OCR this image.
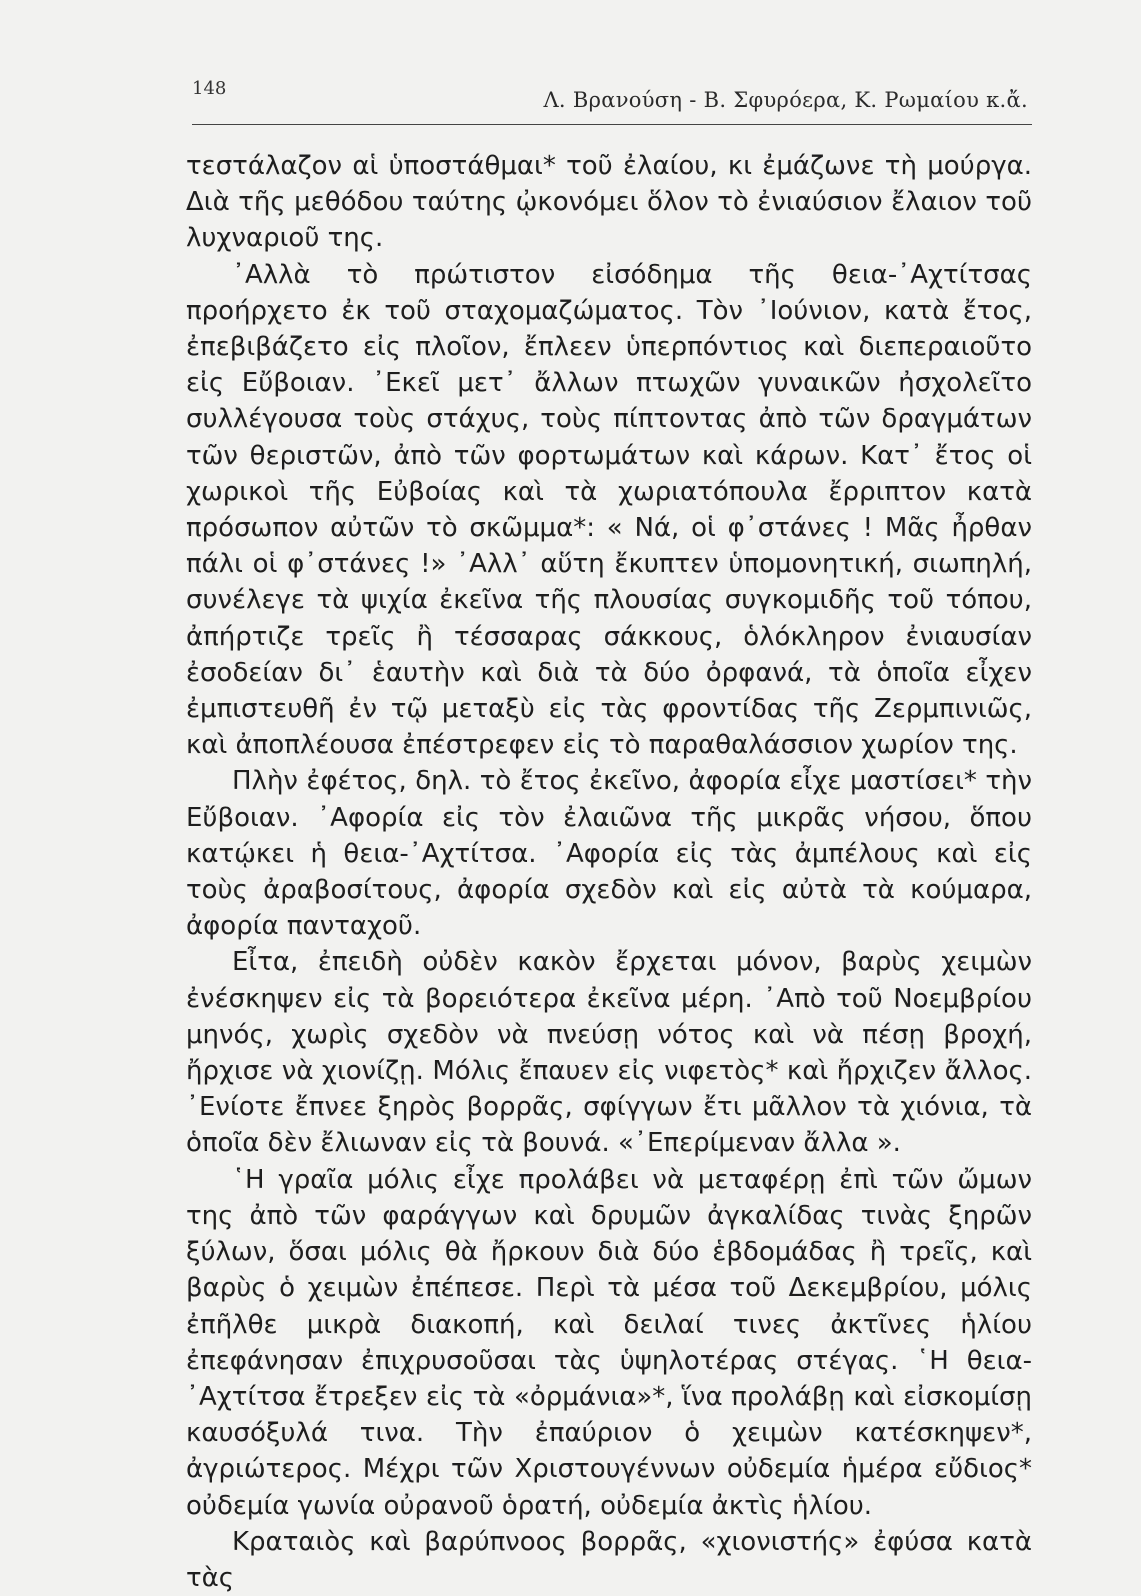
148	Λ. Βρανούση - Β. Σφυρόερα, Κ. Ρωμαίου κ.ἄ.

τεστάλαζον αἱ ὑποστάθμαι* τοῦ ἐλαίου, κι ἐμάζωνε τὴ μούργα. Διὰ τῆς μεθόδου ταύτης ᾠκονόμει ὅλον τὸ ἐνιαύσιον ἔλαιον τοῦ λυχναριοῦ της.

᾿Αλλὰ τὸ πρώτιστον εἰσόδημα τῆς θεια-᾿Αχτίτσας προήρχετο ἐκ τοῦ σταχομαζώματος. Τὸν ᾿Ιούνιον, κατὰ ἔτος, ἐπεβιβάζετο εἰς πλοῖον, ἔπλεεν ὑπερπόντιος καὶ διεπεραιοῦτο εἰς Εὔβοιαν. ᾿Εκεῖ μετ᾿ ἄλλων πτωχῶν γυναικῶν ἠσχολεῖτο συλλέγουσα τοὺς στάχυς, τοὺς πίπτοντας ἀπὸ τῶν δραγμάτων τῶν θεριστῶν, ἀπὸ τῶν φορτωμάτων καὶ κάρων. Κατ᾿ ἔτος οἱ χωρικοὶ τῆς Εὐβοίας καὶ τὰ χωριατόπουλα ἔρριπτον κατὰ πρόσωπον αὐτῶν τὸ σκῶμμα*: « Νά, οἱ φ᾿στάνες ! Μᾶς ἦρθαν πάλι οἱ φ᾿στάνες !» ᾿Αλλ᾿ αὕτη ἔκυπτεν ὑπομονητική, σιωπηλή, συνέλεγε τὰ ψιχία ἐκεῖνα τῆς πλουσίας συγκομιδῆς τοῦ τόπου, ἀπήρτιζε τρεῖς ἢ τέσσαρας σάκκους, ὁλόκληρον ἐνιαυσίαν ἐσοδείαν δι᾿ ἑαυτὴν καὶ διὰ τὰ δύο ὀρφανά, τὰ ὁποῖα εἶχεν ἐμπιστευθῆ ἐν τῷ μεταξὺ εἰς τὰς φροντίδας τῆς Ζερμπινιῶς, καὶ ἀποπλέουσα ἐπέστρεφεν εἰς τὸ παραθαλάσσιον χωρίον της.

Πλὴν ἐφέτος, δηλ. τὸ ἔτος ἐκεῖνο, ἀφορία εἶχε μαστίσει* τὴν Εὔβοιαν. ᾿Αφορία εἰς τὸν ἐλαιῶνα τῆς μικρᾶς νήσου, ὅπου κατῴκει ἡ θεια-᾿Αχτίτσα. ᾿Αφορία εἰς τὰς ἀμπέλους καὶ εἰς τοὺς ἀραβοσίτους, ἀφορία σχεδὸν καὶ εἰς αὐτὰ τὰ κούμαρα, ἀφορία πανταχοῦ.

Εἶτα, ἐπειδὴ οὐδὲν κακὸν ἔρχεται μόνον, βαρὺς χειμὼν ἐνέσκηψεν εἰς τὰ βορειότερα ἐκεῖνα μέρη. ᾿Απὸ τοῦ Νοεμβρίου μηνός, χωρὶς σχεδὸν νὰ πνεύσῃ νότος καὶ νὰ πέσῃ βροχή, ἤρχισε νὰ χιονίζῃ. Μόλις ἔπαυεν εἰς νιφετὸς* καὶ ἤρχιζεν ἄλλος. ᾿Ενίοτε ἔπνεε ξηρὸς βορρᾶς, σφίγγων ἔτι μᾶλλον τὰ χιόνια, τὰ ὁποῖα δὲν ἔλιωναν εἰς τὰ βουνά. «᾿Επερίμεναν ἄλλα ».

῾Η γραῖα μόλις εἶχε προλάβει νὰ μεταφέρῃ ἐπὶ τῶν ὤμων της ἀπὸ τῶν φαράγγων καὶ δρυμῶν ἀγκαλίδας τινὰς ξηρῶν ξύλων, ὅσαι μόλις θὰ ἤρκουν διὰ δύο ἑβδομάδας ἢ τρεῖς, καὶ βαρὺς ὁ χειμὼν ἐπέπεσε. Περὶ τὰ μέσα τοῦ Δεκεμβρίου, μόλις ἐπῆλθε μικρὰ διακοπή, καὶ δειλαί τινες ἀκτῖνες ἡλίου ἐπεφάνησαν ἐπιχρυσοῦσαι τὰς ὑψηλοτέρας στέγας. ῾Η θεια-᾿Αχτίτσα ἔτρεξεν εἰς τὰ «ὀρμάνια»*, ἵνα προλάβῃ καὶ εἰσκομίσῃ καυσόξυλά τινα. Τὴν ἐπαύριον ὁ χειμὼν κατέσκηψεν*, ἀγριώτερος. Μέχρι τῶν Χριστουγέννων οὐδεμία ἡμέρα εὔδιος* οὐδεμία γωνία οὐρανοῦ ὁρατή, οὐδεμία ἀκτὶς ἡλίου.

Κραταιὸς καὶ βαρύπνοος βορρᾶς, «χιονιστής» ἐφύσα κατὰ τὰς
